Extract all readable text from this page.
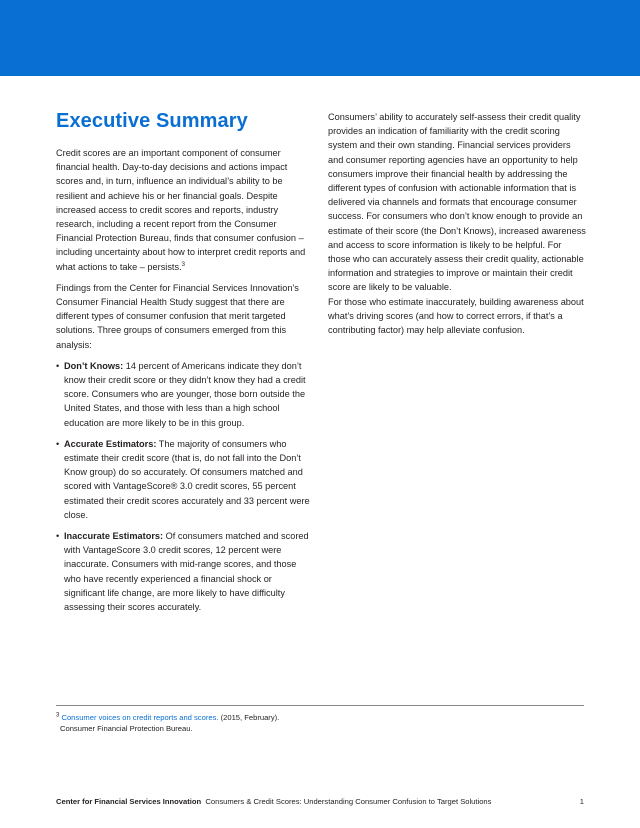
Executive Summary

Credit scores are an important component of consumer financial health. Day-to-day decisions and actions impact scores and, in turn, influence an individual’s ability to be resilient and achieve his or her financial goals. Despite increased access to credit scores and reports, industry research, including a recent report from the Consumer Financial Protection Bureau, finds that consumer confusion – including uncertainty about how to interpret credit reports and what actions to take – persists.$^3$

Findings from the Center for Financial Services Innovation’s Consumer Financial Health Study suggest that there are different types of consumer confusion that merit targeted solutions. Three groups of consumers emerged from this analysis:

• Don’t Knows: 14 percent of Americans indicate they don’t know their credit score or they didn’t know they had a credit score. Consumers who are younger, those born outside the United States, and those with less than a high school education are more likely to be in this group.
• Accurate Estimators: The majority of consumers who estimate their credit score (that is, do not fall into the Don’t Know group) do so accurately. Of consumers matched and scored with VantageScore® 3.0 credit scores, 55 percent estimated their credit scores accurately and 33 percent were close.
• Inaccurate Estimators: Of consumers matched and scored with VantageScore 3.0 credit scores, 12 percent were inaccurate. Consumers with mid-range scores, and those who have recently experienced a financial shock or significant life change, are more likely to have difficulty assessing their scores accurately.

Consumers’ ability to accurately self-assess their credit quality provides an indication of familiarity with the credit scoring system and their own standing. Financial services providers and consumer reporting agencies have an opportunity to help consumers improve their financial health by addressing the different types of confusion with actionable information that is delivered via channels and formats that encourage consumer success. For consumers who don’t know enough to provide an estimate of their score (the Don’t Knows), increased awareness and access to score information is likely to be helpful. For those who can accurately assess their credit quality, actionable information and strategies to improve or maintain their credit score are likely to be valuable.

For those who estimate inaccurately, building awareness about what’s driving scores (and how to correct errors, if that’s a contributing factor) may help alleviate confusion.

$^3$ Consumer voices on credit reports and scores. (2015, February).
Consumer Financial Protection Bureau.
Center for Financial Services Innovation Consumers & Credit Scores: Understanding Consumer Confusion to Target Solutions	1
